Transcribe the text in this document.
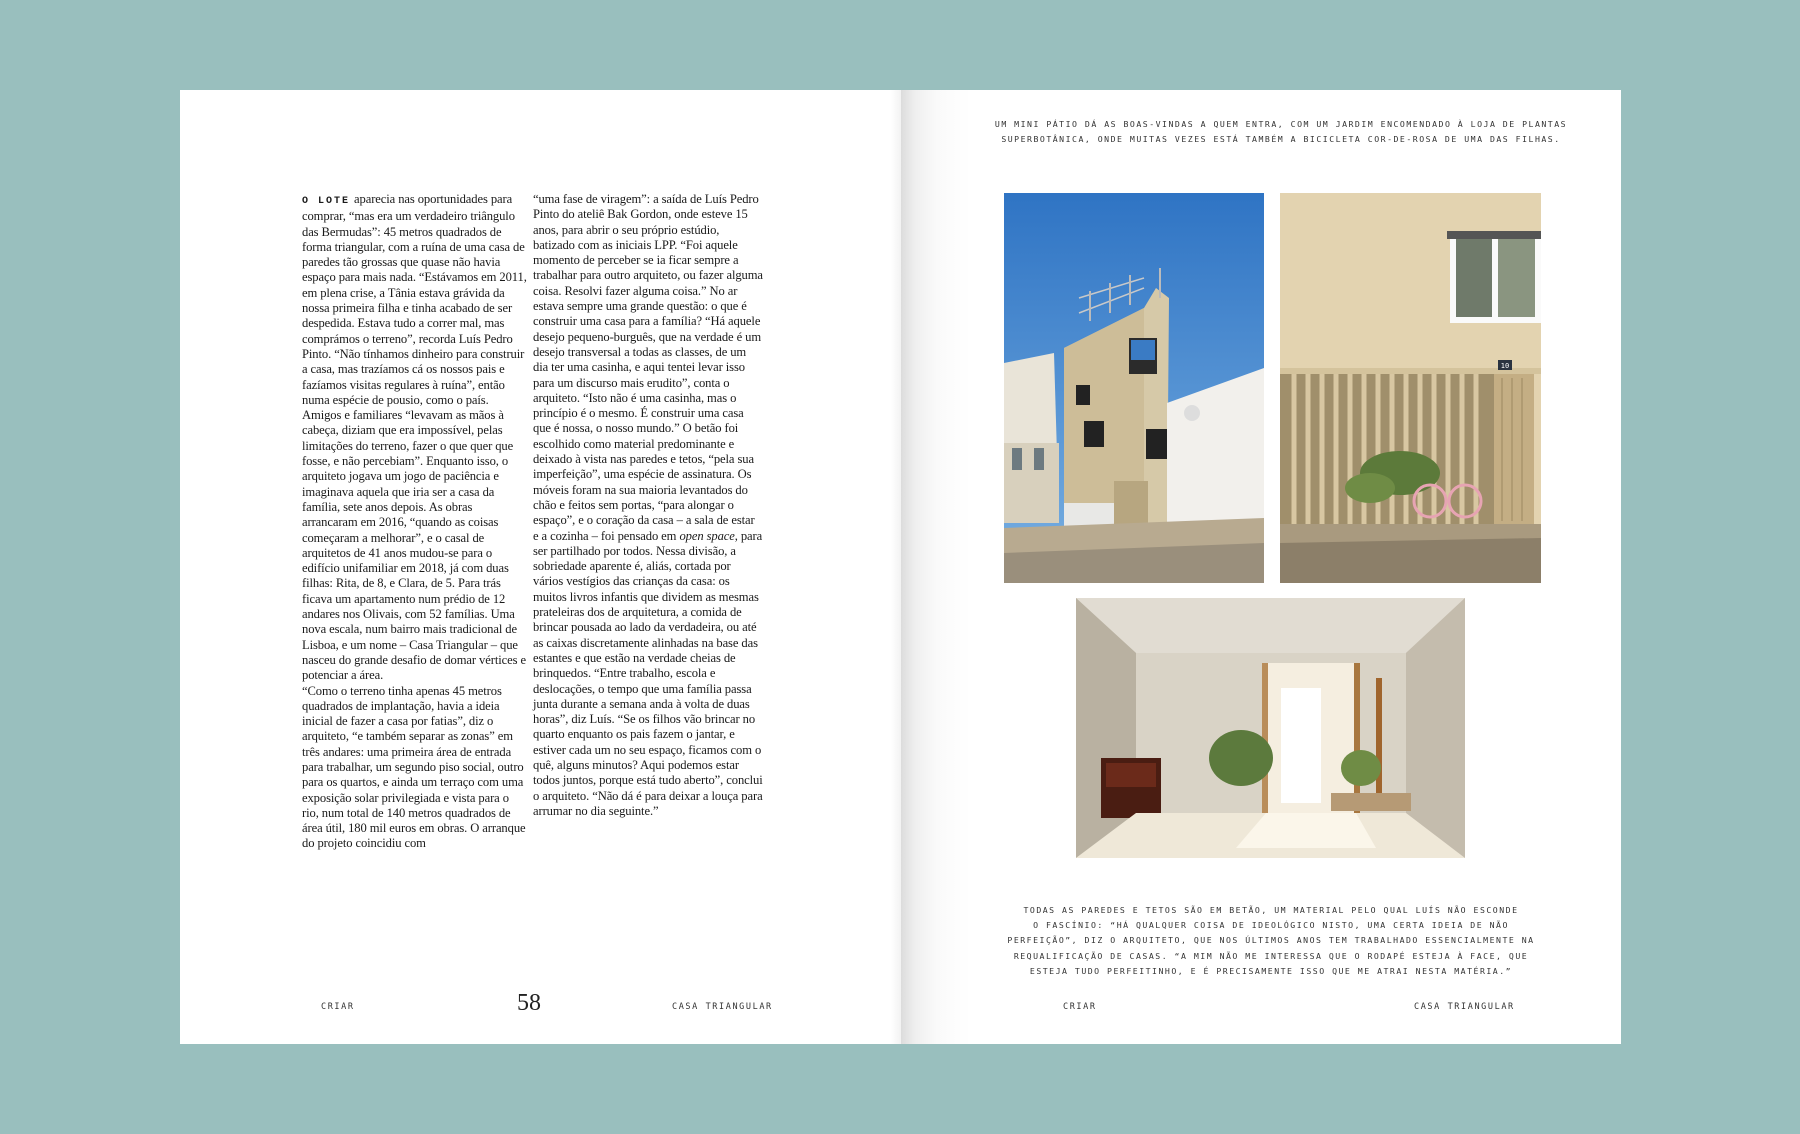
O LOTE aparecia nas oportunidades para comprar, “mas era um verdadeiro triângulo das Bermudas”: 45 metros quadrados de forma triangular, com a ruína de uma casa de paredes tão grossas que quase não havia espaço para mais nada. “Estávamos em 2011, em plena crise, a Tânia estava grávida da nossa primeira filha e tinha acabado de ser despedida. Estava tudo a correr mal, mas comprámos o terreno”, recorda Luís Pedro Pinto. “Não tínhamos dinheiro para construir a casa, mas trazíamos cá os nossos pais e fazíamos visitas regulares à ruína”, então numa espécie de pousio, como o país. Amigos e familiares “levavam as mãos à cabeça, diziam que era impossível, pelas limitações do terreno, fazer o que quer que fosse, e não percebiam”. Enquanto isso, o arquiteto jogava um jogo de paciência e imaginava aquela que iria ser a casa da família, sete anos depois. As obras arrancaram em 2016, “quando as coisas começaram a melhorar”, e o casal de arquitetos de 41 anos mudou-se para o edifício unifamiliar em 2018, já com duas filhas: Rita, de 8, e Clara, de 5. Para trás ficava um apartamento num prédio de 12 andares nos Olivais, com 52 famílias. Uma nova escala, num bairro mais tradicional de Lisboa, e um nome – Casa Triangular – que nasceu do grande desafio de domar vértices e potenciar a área.

“Como o terreno tinha apenas 45 metros quadrados de implantação, havia a ideia inicial de fazer a casa por fatias”, diz o arquiteto, “e também separar as zonas” em três andares: uma primeira área de entrada para trabalhar, um segundo piso social, outro para os quartos, e ainda um terraço com uma exposição solar privilegiada e vista para o rio, num total de 140 metros quadrados de área útil, 180 mil euros em obras. O arranque do projeto coincidiu com

“uma fase de viragem”: a saída de Luís Pedro Pinto do ateliê Bak Gordon, onde esteve 15 anos, para abrir o seu próprio estúdio, batizado com as iniciais LPP. “Foi aquele momento de perceber se ia ficar sempre a trabalhar para outro arquiteto, ou fazer alguma coisa. Resolvi fazer alguma coisa.” No ar estava sempre uma grande questão: o que é construir uma casa para a família? “Há aquele desejo pequeno-burguês, que na verdade é um desejo transversal a todas as classes, de um dia ter uma casinha, e aqui tentei levar isso para um discurso mais erudito”, conta o arquiteto. “Isto não é uma casinha, mas o princípio é o mesmo. É construir uma casa que é nossa, o nosso mundo.” O betão foi escolhido como material predominante e deixado à vista nas paredes e tetos, “pela sua imperfeição”, uma espécie de assinatura. Os móveis foram na sua maioria levantados do chão e feitos sem portas, “para alongar o espaço”, e o coração da casa – a sala de estar e a cozinha – foi pensado em open space, para ser partilhado por todos. Nessa divisão, a sobriedade aparente é, aliás, cortada por vários vestígios das crianças da casa: os muitos livros infantis que dividem as mesmas prateleiras dos de arquitetura, a comida de brincar pousada ao lado da verdadeira, ou até as caixas discretamente alinhadas na base das estantes e que estão na verdade cheias de brinquedos. “Entre trabalho, escola e deslocações, o tempo que uma família passa junta durante a semana anda à volta de duas horas”, diz Luís. “Se os filhos vão brincar no quarto enquanto os pais fazem o jantar, e estiver cada um no seu espaço, ficamos com o quê, alguns minutos? Aqui podemos estar todos juntos, porque está tudo aberto”, conclui o arquiteto. “Não dá é para deixar a louça para arrumar no dia seguinte.”

CRIAR	58	CASA TRIANGULAR
UM MINI PÁTIO DÁ AS BOAS-VINDAS A QUEM ENTRA, COM UM JARDIM ENCOMENDADO À LOJA DE PLANTAS
SUPERBOTÂNICA, ONDE MUITAS VEZES ESTÁ TAMBÉM A BICICLETA COR-DE-ROSA DE UMA DAS FILHAS.
10
TODAS AS PAREDES E TETOS SÃO EM BETÃO, UM MATERIAL PELO QUAL LUÍS NÃO ESCONDE
O FASCÍNIO: “HÁ QUALQUER COISA DE IDEOLÓGICO NISTO, UMA CERTA IDEIA DE NÃO
PERFEIÇÃO”, DIZ O ARQUITETO, QUE NOS ÚLTIMOS ANOS TEM TRABALHADO ESSENCIALMENTE NA
REQUALIFICAÇÃO DE CASAS. “A MIM NÃO ME INTERESSA QUE O RODAPÉ ESTEJA À FACE, QUE
ESTEJA TUDO PERFEITINHO, E É PRECISAMENTE ISSO QUE ME ATRAI NESTA MATÉRIA.”
CRIAR	CASA TRIANGULAR
